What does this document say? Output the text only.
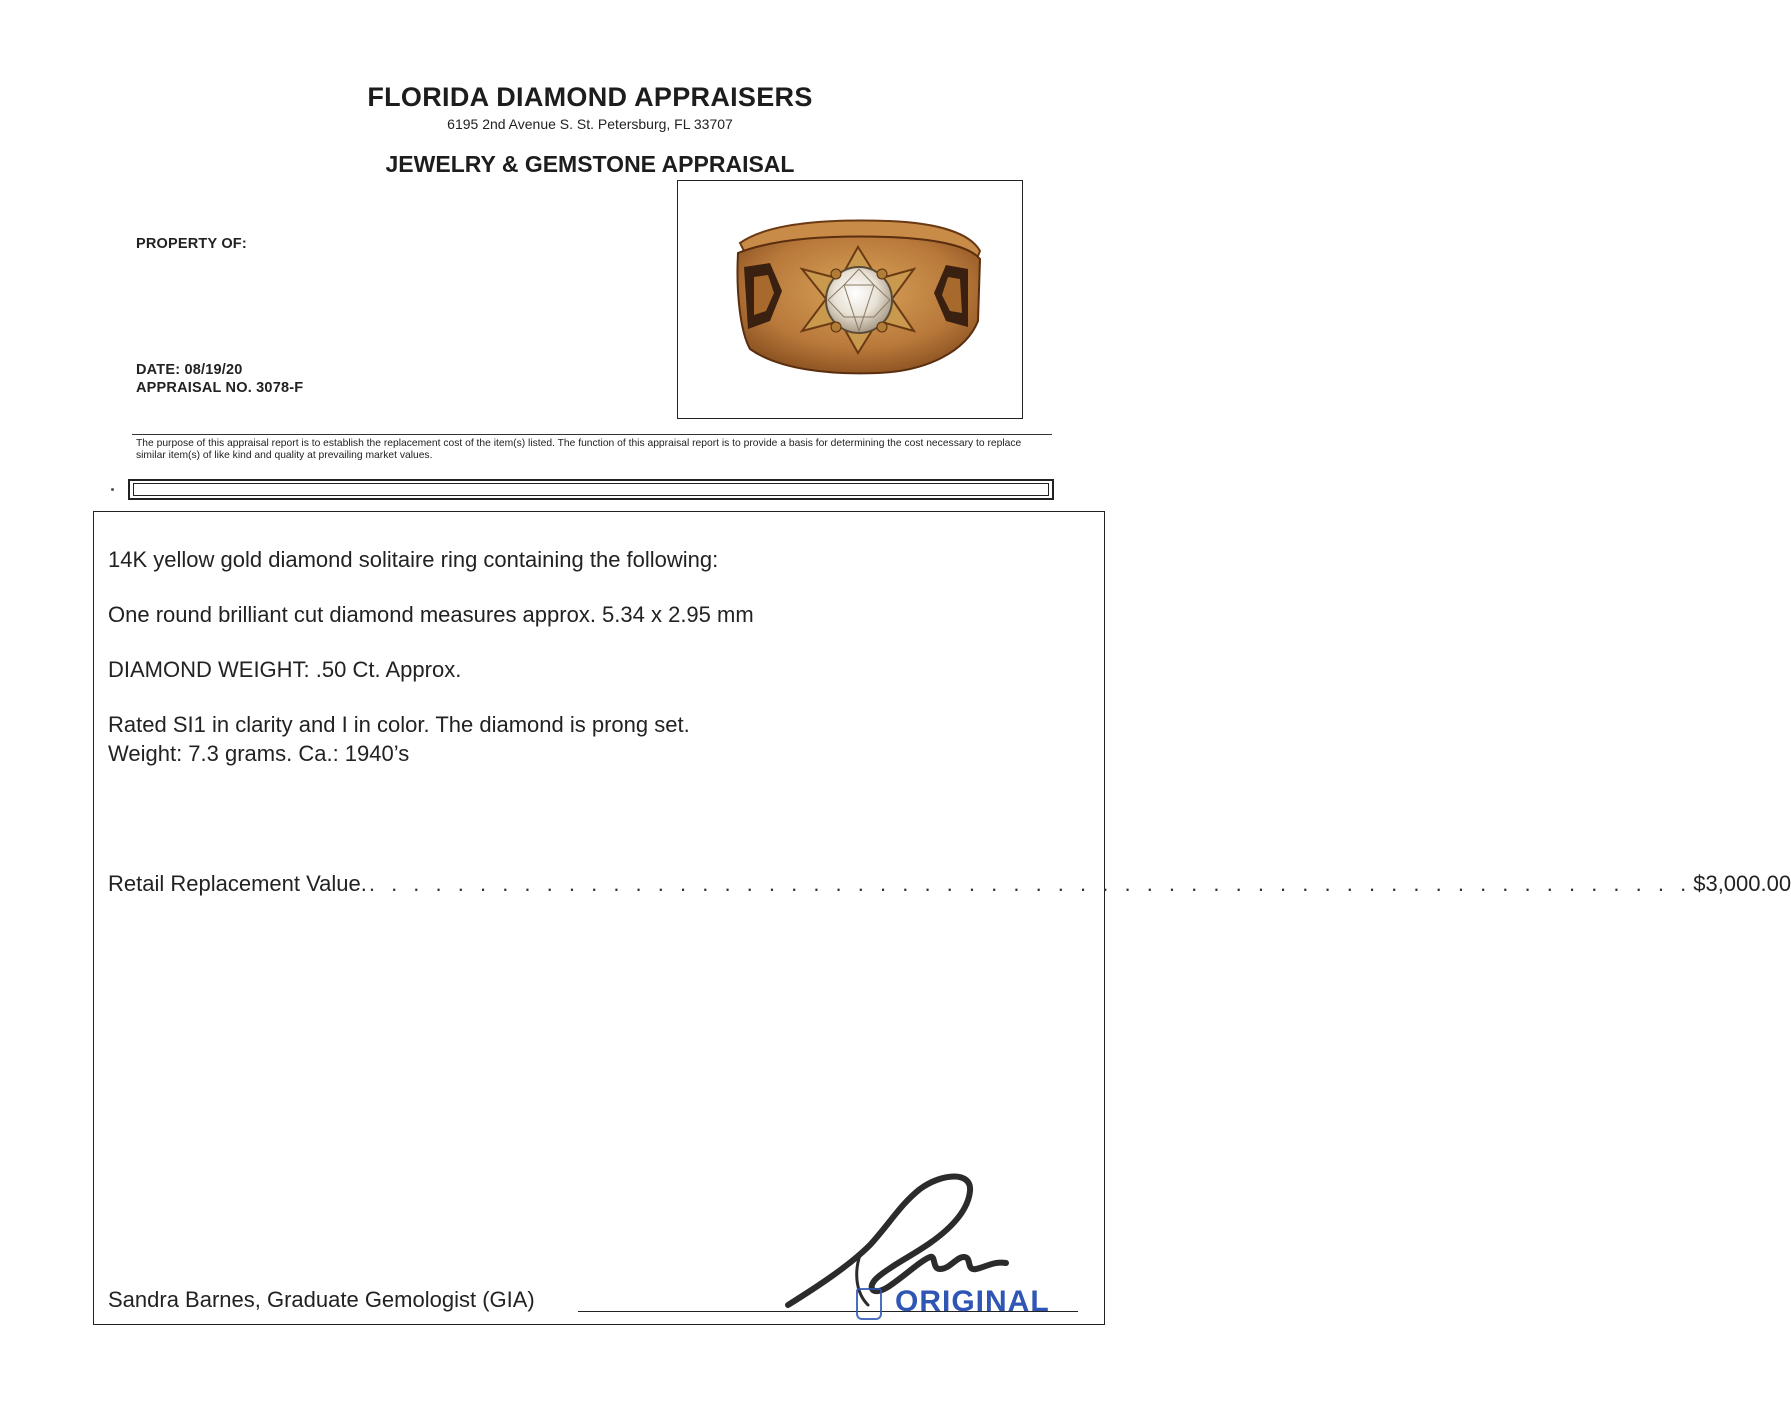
FLORIDA DIAMOND APPRAISERS
6195 2nd Avenue S. St. Petersburg, FL 33707
JEWELRY & GEMSTONE APPRAISAL
PROPERTY OF:
DATE: 08/19/20
APPRAISAL NO. 3078-F
The purpose of this appraisal report is to establish the replacement cost of the item(s) listed. The function of this appraisal report is to provide a basis for determining the cost necessary to replace similar item(s) of like kind and quality at prevailing market values.
14K yellow gold diamond solitaire ring containing the following:
One round brilliant cut diamond measures approx. 5.34 x 2.95 mm
DIAMOND WEIGHT: .50 Ct. Approx.
Rated SI1 in clarity and I in color. The diamond is prong set.
Weight: 7.3 grams. Ca.: 1940’s
Retail Replacement Value. . . . . . . . . . . . . . . . . . . . . . . . . . . . . . . . . . . . . . . . . . . . . . . . . . . . . . . . . . . . . $3,000.00
Sandra Barnes, Graduate Gemologist (GIA)	ORIGINAL
